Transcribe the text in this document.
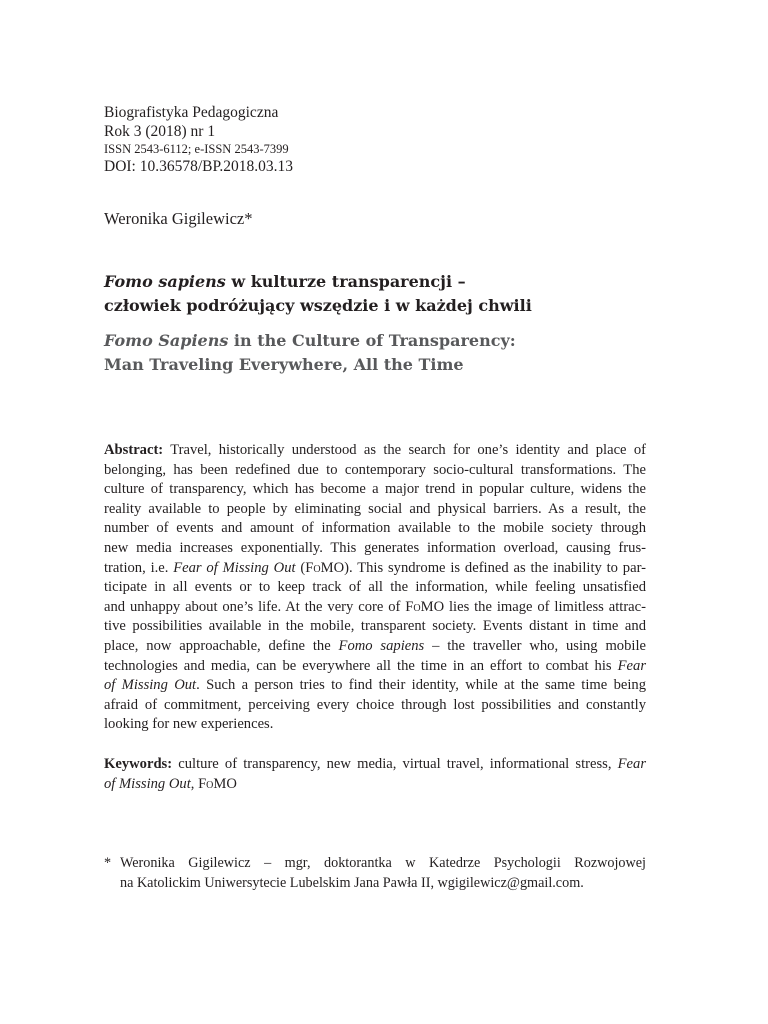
Biografistyka Pedagogiczna
Rok 3 (2018) nr 1
ISSN 2543-6112; e-ISSN 2543-7399
DOI: 10.36578/BP.2018.03.13
Weronika Gigilewicz*
Fomo sapiens w kulturze transparencji –
człowiek podróżujący wszędzie i w każdej chwili
Fomo Sapiens in the Culture of Transparency:
Man Traveling Everywhere, All the Time
Abstract: Travel, historically understood as the search for one’s identity and place of
belonging, has been redefined due to contemporary socio-cultural transformations. The
culture of transparency, which has become a major trend in popular culture, widens the
reality available to people by eliminating social and physical barriers. As a result, the
number of events and amount of information available to the mobile society through
new media increases exponentially. This generates information overload, causing frus-
tration, i.e. Fear of Missing Out (FoMO). This syndrome is defined as the inability to par-
ticipate in all events or to keep track of all the information, while feeling unsatisfied
and unhappy about one’s life. At the very core of FoMO lies the image of limitless attrac-
tive possibilities available in the mobile, transparent society. Events distant in time and
place, now approachable, define the Fomo sapiens – the traveller who, using mobile
technologies and media, can be everywhere all the time in an effort to combat his Fear
of Missing Out. Such a person tries to find their identity, while at the same time being
afraid of commitment, perceiving every choice through lost possibilities and constantly
looking for new experiences.
Keywords: culture of transparency, new media, virtual travel, informational stress, Fear
of Missing Out, FoMO
* Weronika Gigilewicz – mgr, doktorantka w Katedrze Psychologii Rozwojowej
na Katolickim Uniwersytecie Lubelskim Jana Pawła II, wgigilewicz@gmail.com.
